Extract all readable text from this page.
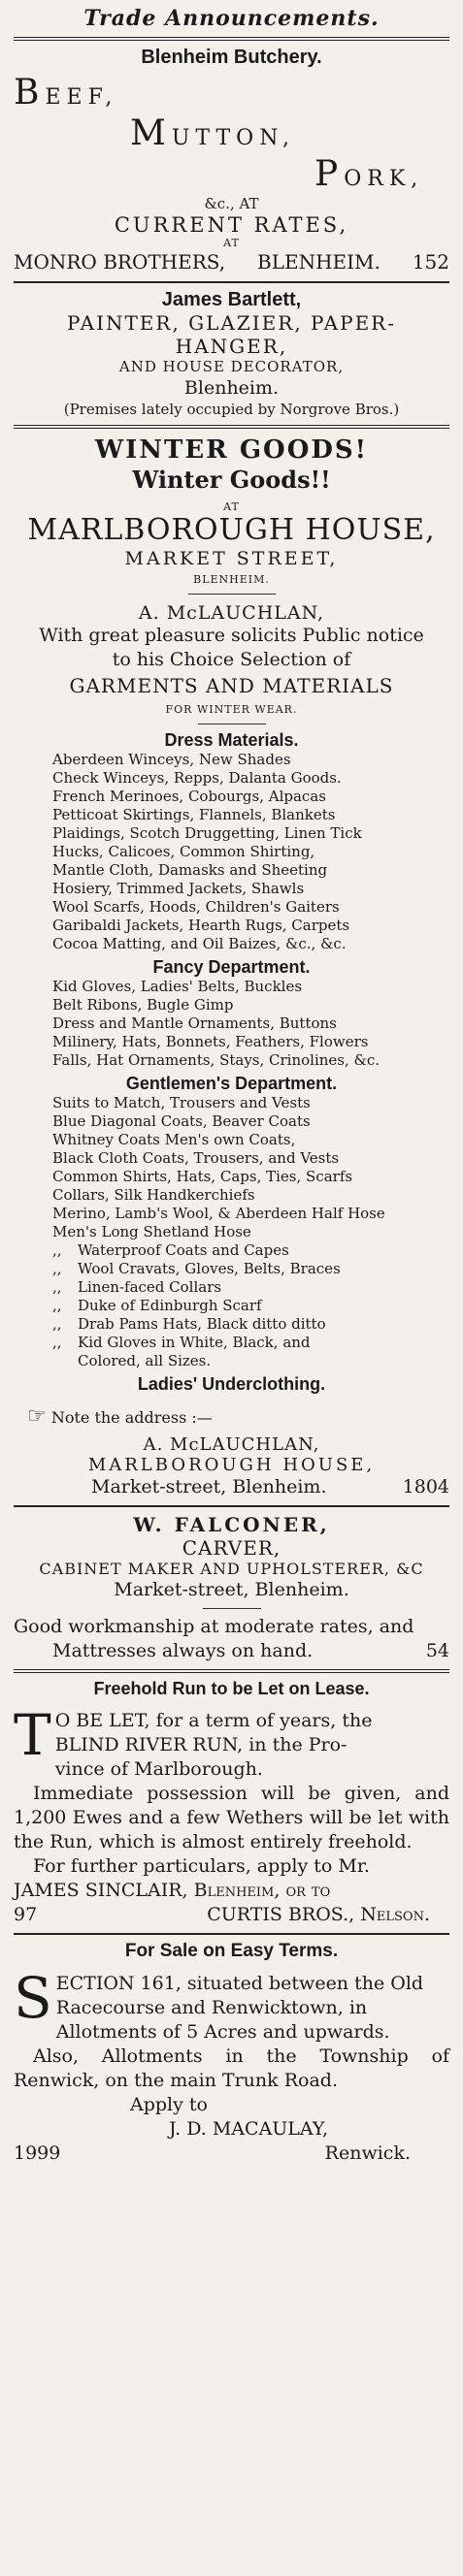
Trade Announcements.
Blenheim Butchery.
BEEF,
MUTTON,
PORK,
&c., AT
CURRENT RATES,
AT
MONRO BROTHERS, BLENHEIM. 152
James Bartlett,
PAINTER, GLAZIER, PAPER-
HANGER,
AND HOUSE DECORATOR,
Blenheim.
(Premises lately occupied by Norgrove Bros.)
WINTER GOODS!
Winter Goods!!
AT
MARLBOROUGH HOUSE,
MARKET STREET,
BLENHEIM.
A. McLAUCHLAN,
With great pleasure solicits Public notice
to his Choice Selection of
GARMENTS AND MATERIALS
FOR WINTER WEAR.
Dress Materials.
Aberdeen Winceys, New Shades
Check Winceys, Repps, Dalanta Goods.
French Merinoes, Cobourgs, Alpacas
Petticoat Skirtings, Flannels, Blankets
Plaidings, Scotch Druggetting, Linen Tick
Hucks, Calicoes, Common Shirting,
Mantle Cloth, Damasks and Sheeting
Hosiery, Trimmed Jackets, Shawls
Wool Scarfs, Hoods, Children's Gaiters
Garibaldi Jackets, Hearth Rugs, Carpets
Cocoa Matting, and Oil Baizes, &c., &c.
Fancy Department.
Kid Gloves, Ladies' Belts, Buckles
Belt Ribons, Bugle Gimp
Dress and Mantle Ornaments, Buttons
Milinery, Hats, Bonnets, Feathers, Flowers
Falls, Hat Ornaments, Stays, Crinolines, &c.
Gentlemen's Department.
Suits to Match, Trousers and Vests
Blue Diagonal Coats, Beaver Coats
Whitney Coats Men's own Coats,
Black Cloth Coats, Trousers, and Vests
Common Shirts, Hats, Caps, Ties, Scarfs
Collars, Silk Handkerchiefs
Merino, Lamb's Wool, & Aberdeen Half Hose
Men's Long Shetland Hose
,, Waterproof Coats and Capes
,, Wool Cravats, Gloves, Belts, Braces
,, Linen-faced Collars
,, Duke of Edinburgh Scarf
,, Drab Pams Hats, Black ditto ditto
,, Kid Gloves in White, Black, and
Colored, all Sizes.
Ladies' Underclothing.
☞ Note the address :—
A. McLAUCHLAN,
MARLBOROUGH HOUSE,
Market-street, Blenheim.	1804
W. FALCONER,
CARVER,
CABINET MAKER AND UPHOLSTERER, &C
Market-street, Blenheim.
Good workmanship at moderate rates, and
Mattresses always on hand.	54
Freehold Run to be Let on Lease.
T O BE LET, for a term of years, the
BLIND RIVER RUN, in the Pro-
vince of Marlborough.
Immediate possession will be given, and 1,200 Ewes and a few Wethers will be let with the Run, which is almost entirely freehold.
For further particulars, apply to Mr.
JAMES SINCLAIR, Blenheim, or to
97	CURTIS BROS., Nelson.
For Sale on Easy Terms.
S ECTION 161, situated between the Old
Racecourse and Renwicktown, in
Allotments of 5 Acres and upwards.
Also, Allotments in the Township of Renwick, on the main Trunk Road.
Apply to
J. D. MACAULAY,
1999	Renwick.
